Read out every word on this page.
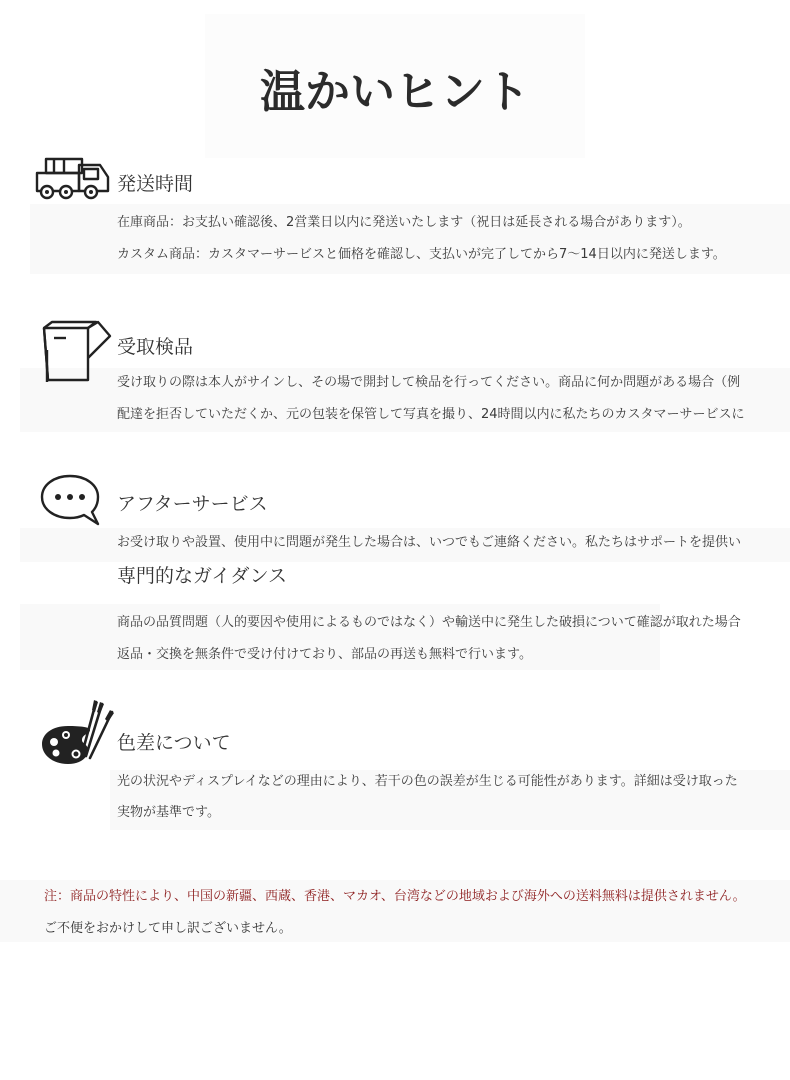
温かいヒント
発送時間
在庫商品：お支払い確認後、2営業日以内に発送いたします（祝日は延長される場合があります）。
カスタム商品：カスタマーサービスと価格を確認し、支払いが完了してから7〜14日以内に発送します。
受取検品
受け取りの際は本人がサインし、その場で開封して検品を行ってください。商品に何か問題がある場合（例
配達を拒否していただくか、元の包装を保管して写真を撮り、24時間以内に私たちのカスタマーサービスに
アフターサービス
お受け取りや設置、使用中に問題が発生した場合は、いつでもご連絡ください。私たちはサポートを提供い
専門的なガイダンス
商品の品質問題（人的要因や使用によるものではなく）や輸送中に発生した破損について確認が取れた場合
返品・交換を無条件で受け付けており、部品の再送も無料で行います。
色差について
光の状況やディスプレイなどの理由により、若干の色の誤差が生じる可能性があります。詳細は受け取った
実物が基準です。
注：商品の特性により、中国の新疆、西蔵、香港、マカオ、台湾などの地域および海外への送料無料は提供されません。
ご不便をおかけして申し訳ございません。
